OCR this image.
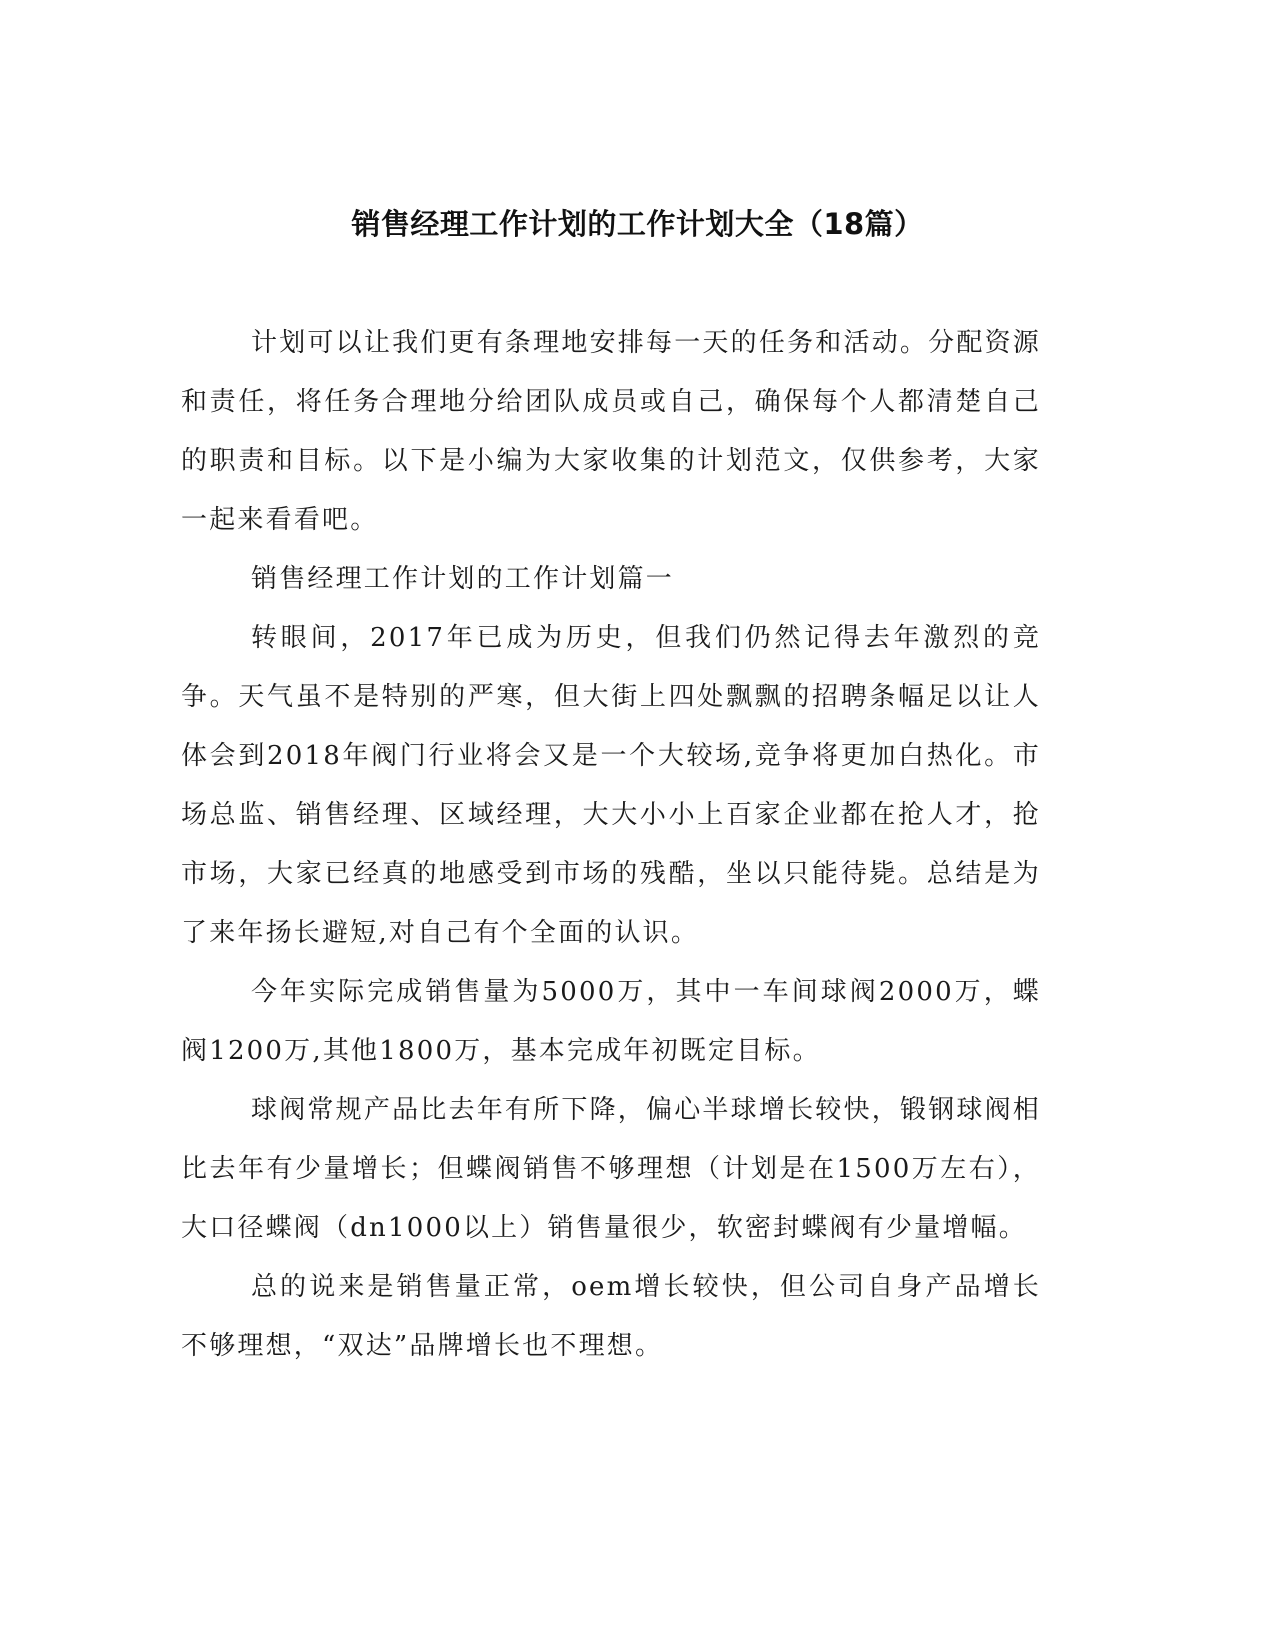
销售经理工作计划的工作计划大全（18篇）

计划可以让我们更有条理地安排每一天的任务和活动。分配资源和责任，将任务合理地分给团队成员或自己，确保每个人都清楚自己的职责和目标。以下是小编为大家收集的计划范文，仅供参考，大家一起来看看吧。

销售经理工作计划的工作计划篇一

转眼间，2017年已成为历史，但我们仍然记得去年激烈的竞争。天气虽不是特别的严寒，但大街上四处飘飘的招聘条幅足以让人体会到2018年阀门行业将会又是一个大较场,竞争将更加白热化。市场总监、销售经理、区域经理，大大小小上百家企业都在抢人才，抢市场，大家已经真的地感受到市场的残酷，坐以只能待毙。总结是为了来年扬长避短,对自己有个全面的认识。

今年实际完成销售量为5000万，其中一车间球阀2000万，蝶阀1200万,其他1800万，基本完成年初既定目标。

球阀常规产品比去年有所下降，偏心半球增长较快，锻钢球阀相比去年有少量增长；但蝶阀销售不够理想（计划是在1500万左右），大口径蝶阀（dn1000以上）销售量很少，软密封蝶阀有少量增幅。

总的说来是销售量正常，oem增长较快，但公司自身产品增长不够理想，“双达”品牌增长也不理想。
